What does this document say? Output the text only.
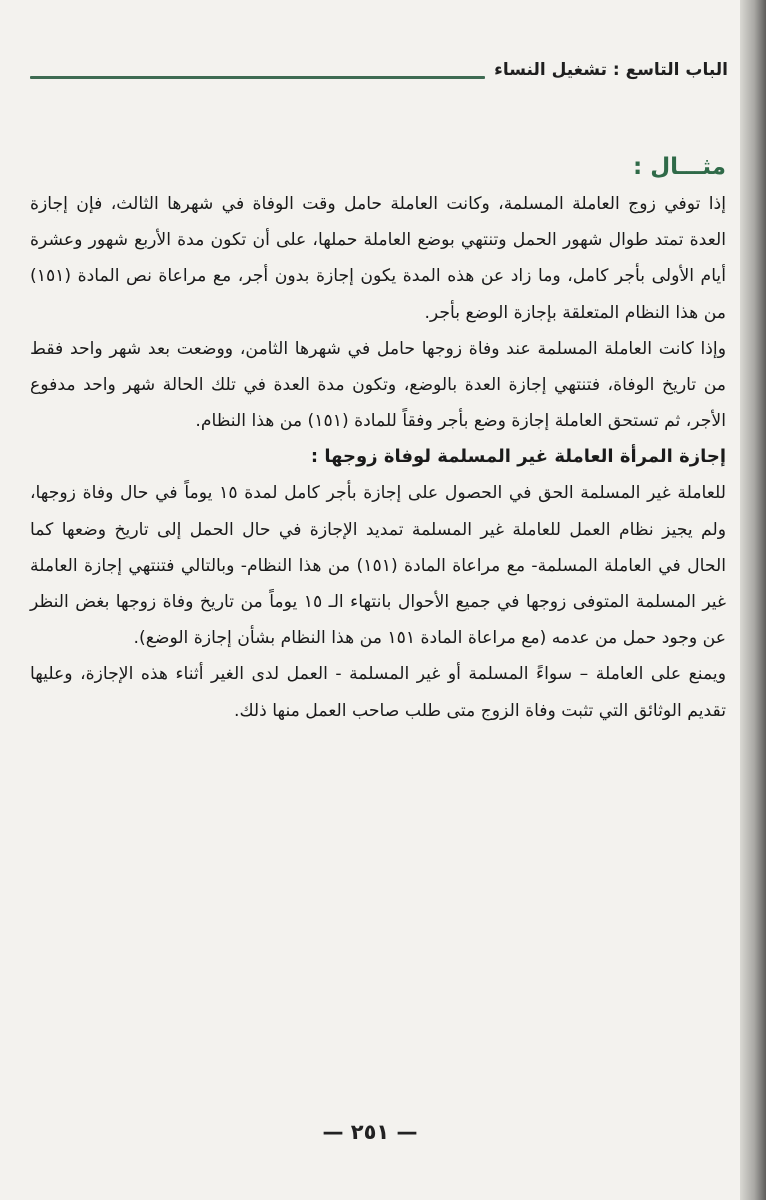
الباب التاسع : تشغيل النساء
مثـــال :

إذا توفي زوج العاملة المسلمة، وكانت العاملة حامل وقت الوفاة في شهرها الثالث، فإن إجازة العدة تمتد طوال شهور الحمل وتنتهي بوضع العاملة حملها، على أن تكون مدة الأربع شهور وعشرة أيام الأولى بأجر كامل، وما زاد عن هذه المدة يكون إجازة بدون أجر، مع مراعاة نص المادة (١٥١) من هذا النظام المتعلقة بإجازة الوضع بأجر.

وإذا كانت العاملة المسلمة عند وفاة زوجها حامل في شهرها الثامن، ووضعت بعد شهر واحد فقط من تاريخ الوفاة، فتنتهي إجازة العدة بالوضع، وتكون مدة العدة في تلك الحالة شهر واحد مدفوع الأجر، ثم تستحق العاملة إجازة وضع بأجر وفقاً للمادة (١٥١) من هذا النظام.

إجازة المرأة العاملة غير المسلمة لوفاة زوجها :

للعاملة غير المسلمة الحق في الحصول على إجازة بأجر كامل لمدة ١٥ يوماً في حال وفاة زوجها، ولم يجيز نظام العمل للعاملة غير المسلمة تمديد الإجازة في حال الحمل إلى تاريخ وضعها كما الحال في العاملة المسلمة- مع مراعاة المادة (١٥١) من هذا النظام- وبالتالي فتنتهي إجازة العاملة غير المسلمة المتوفى زوجها في جميع الأحوال بانتهاء الـ ١٥ يوماً من تاريخ وفاة زوجها بغض النظر عن وجود حمل من عدمه (مع مراعاة المادة ١٥١ من هذا النظام بشأن إجازة الوضع).

ويمنع على العاملة – سواءً المسلمة أو غير المسلمة - العمل لدى الغير أثناء هذه الإجازة، وعليها تقديم الوثائق التي تثبت وفاة الزوج متى طلب صاحب العمل منها ذلك.

— ٢٥١ —
